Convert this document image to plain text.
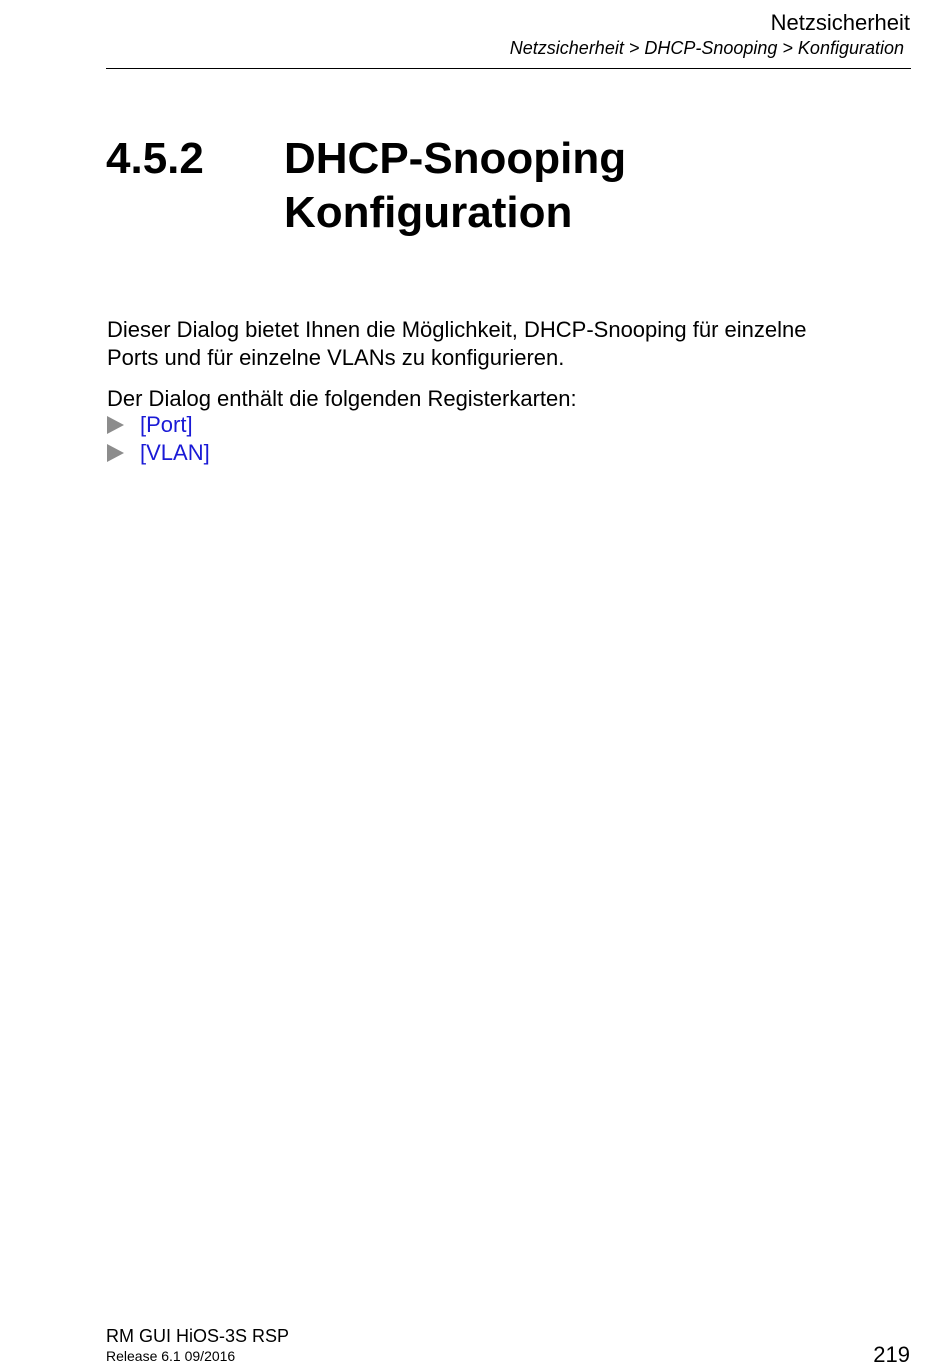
Netzsicherheit
Netzsicherheit > DHCP-Snooping > Konfiguration
4.5.2 DHCP-Snooping
Konfiguration

Dieser Dialog bietet Ihnen die Möglichkeit, DHCP-Snooping für einzelne
Ports und für einzelne VLANs zu konfigurieren.

Der Dialog enthält die folgenden Registerkarten:

[Port]
[VLAN]
RM GUI HiOS-3S RSP
Release 6.1 09/2016	219
